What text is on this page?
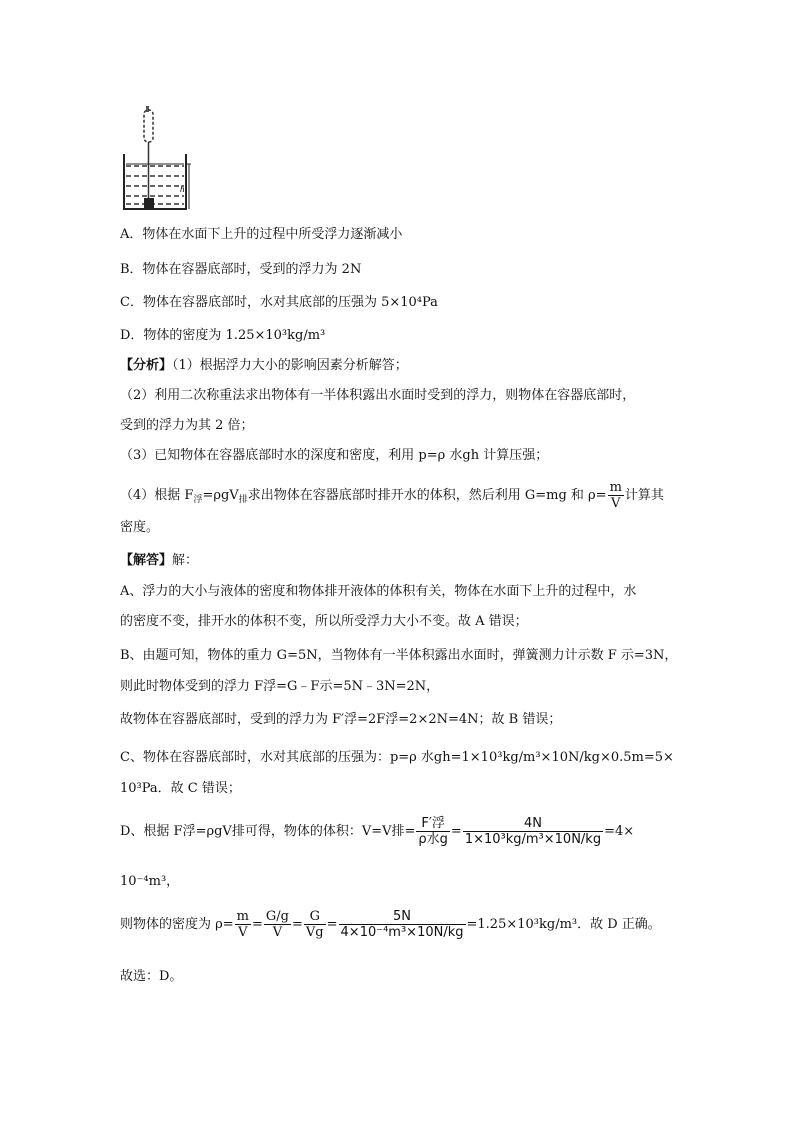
h
A．物体在水面下上升的过程中所受浮力逐渐减小
B．物体在容器底部时，受到的浮力为 2N
C．物体在容器底部时，水对其底部的压强为 5×10⁴Pa
D．物体的密度为 1.25×10³kg/m³
【分析】（1）根据浮力大小的影响因素分析解答；
（2）利用二次称重法求出物体有一半体积露出水面时受到的浮力，则物体在容器底部时，
受到的浮力为其 2 倍；
（3）已知物体在容器底部时水的深度和密度，利用 p=ρ 水gh 计算压强；
（4）根据 $F_浮=\rho gV_排$求出物体在容器底部时排开水的体积，然后利用 G=mg 和 $\rho= \frac{m}{V}$ 计算其
密度。
【解答】解：
A、浮力的大小与液体的密度和物体排开液体的体积有关，物体在水面下上升的过程中，水
的密度不变，排开水的体积不变，所以所受浮力大小不变。故 A 错误；
B、由题可知，物体的重力 G=5N，当物体有一半体积露出水面时，弹簧测力计示数 F 示=3N，
则此时物体受到的浮力 F浮=G﹣F示=5N﹣3N=2N，
故物体在容器底部时，受到的浮力为 F′浮=2F浮=2×2N=4N；故 B 错误；
C、物体在容器底部时，水对其底部的压强为：p=ρ 水gh=1×10³kg/m³×10N/kg×0.5m=5×
10³Pa．故 C 错误；
D、根据 F浮=ρgV排可得，物体的体积：V=V排= $\frac{\text{F′浮}}{\text{ρ水g}} = \frac{4N}{\text{1×10³kg/m³×10N/kg}} =4\times$
10⁻⁴m³，
则物体的密度为 $\rho= \frac{m}{V} = \frac{G/g}{V} = \frac{G}{Vg} = \frac{5N}{\text{4×10⁻⁴m³×10N/kg}} =1.25\times 10^3kg/m^3$．故 D 正确。
故选：D。
